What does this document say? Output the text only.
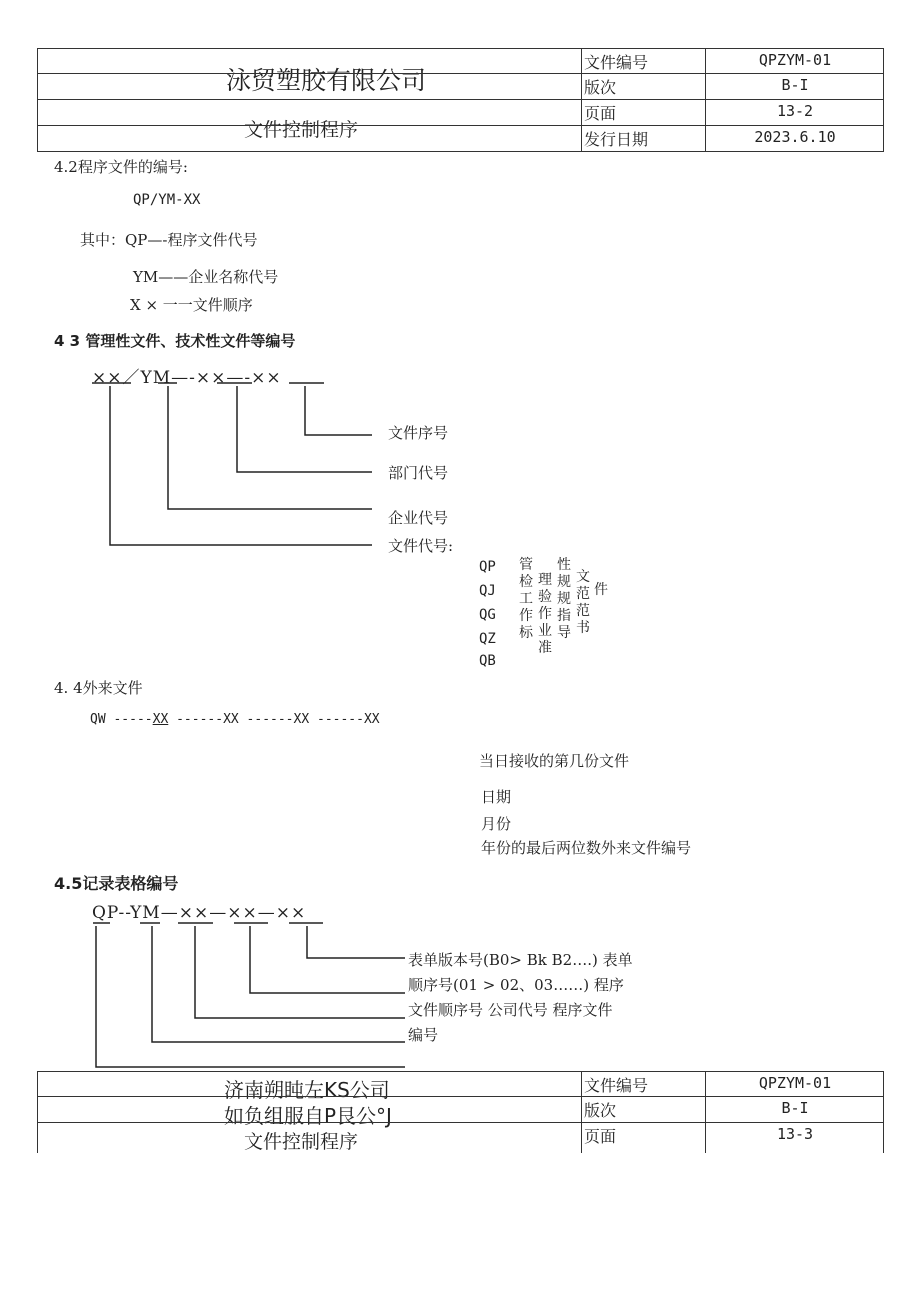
泳贸塑胶有限公司
文件控制程序
文件编号	QPZYM-01
版次	B-I
页面	13-2
发行日期	2023.6.10
4.2程序文件的编号:
QP/YM-XX
其中：QP—-程序文件代号
YM——企业名称代号
X × 一一文件顺序
4 3 管理性文件、技术性文件等编号
××／YM—-××—-××
文件序号
部门代号
企业代号
文件代号:
QP
QJ
QG
QZ
QB
管检工作标
理验作业准
性规规指导
文范范书
件
4. 4外来文件
QW -----XX ------XX ------XX ------XX
当日接收的第几份文件
日期
月份
年份的最后两位数外来文件编号
4.5记录表格编号
QP--YM—××—××—××
表单版本号(B0> Bk B2….) 表单
顺序号(01 > 02、03……) 程序
文件顺序号 公司代号 程序文件
编号
济南朔盹左KS公司
如负组服自P艮公°J
文件控制程序
文件编号	QPZYM-01
版次	B-I
页面	13-3
